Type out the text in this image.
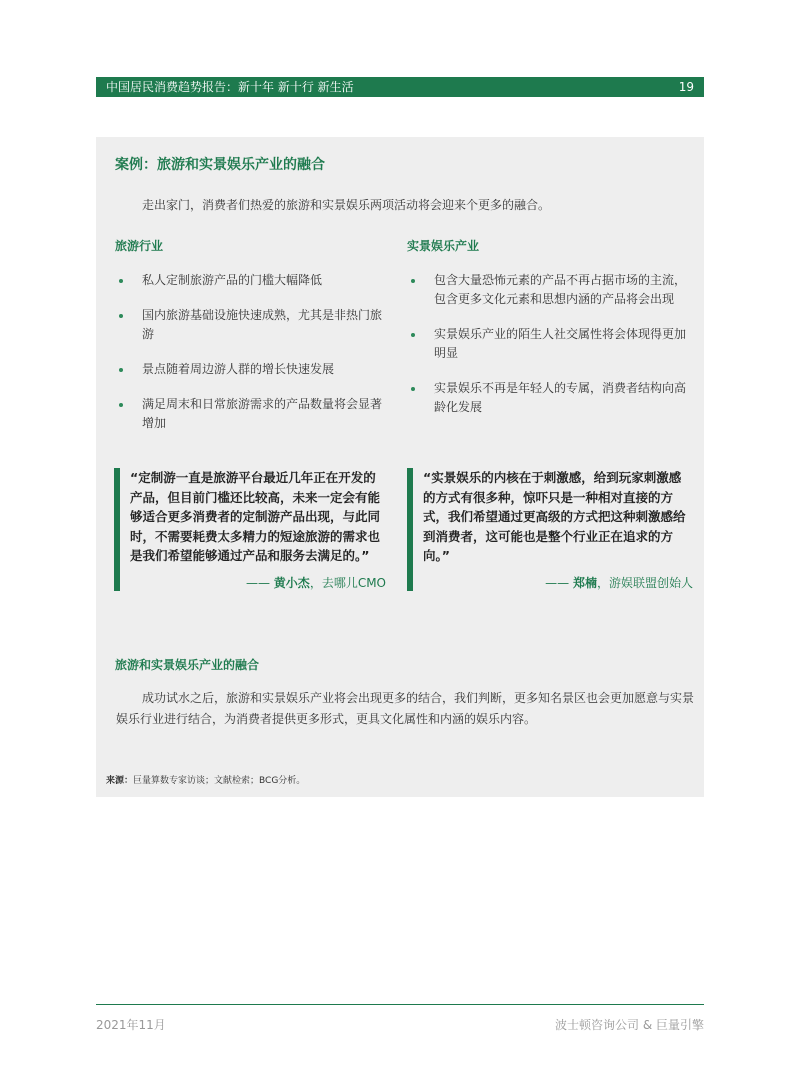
中国居民消费趋势报告：新十年 新十行 新生活	19
案例：旅游和实景娱乐产业的融合
走出家门，消费者们热爱的旅游和实景娱乐两项活动将会迎来个更多的融合。
旅游行业	实景娱乐产业
私人定制旅游产品的门槛大幅降低
国内旅游基础设施快速成熟，尤其是非热门旅游
景点随着周边游人群的增长快速发展
满足周末和日常旅游需求的产品数量将会显著增加
包含大量恐怖元素的产品不再占据市场的主流，包含更多文化元素和思想内涵的产品将会出现
实景娱乐产业的陌生人社交属性将会体现得更加明显
实景娱乐不再是年轻人的专属，消费者结构向高龄化发展
“定制游一直是旅游平台最近几年正在开发的产品，但目前门槛还比较高，未来一定会有能够适合更多消费者的定制游产品出现，与此同时，不需要耗费太多精力的短途旅游的需求也是我们希望能够通过产品和服务去满足的。”
—— 黄小杰，去哪儿CMO
“实景娱乐的内核在于刺激感，给到玩家刺激感的方式有很多种，惊吓只是一种相对直接的方式，我们希望通过更高级的方式把这种刺激感给到消费者，这可能也是整个行业正在追求的方向。”
—— 郑楠，游娱联盟创始人
旅游和实景娱乐产业的融合
成功试水之后，旅游和实景娱乐产业将会出现更多的结合，我们判断，更多知名景区也会更加愿意与实景娱乐行业进行结合，为消费者提供更多形式，更具文化属性和内涵的娱乐内容。
来源：巨量算数专家访谈；文献检索；BCG分析。
2021年11月	波士顿咨询公司 & 巨量引擎
